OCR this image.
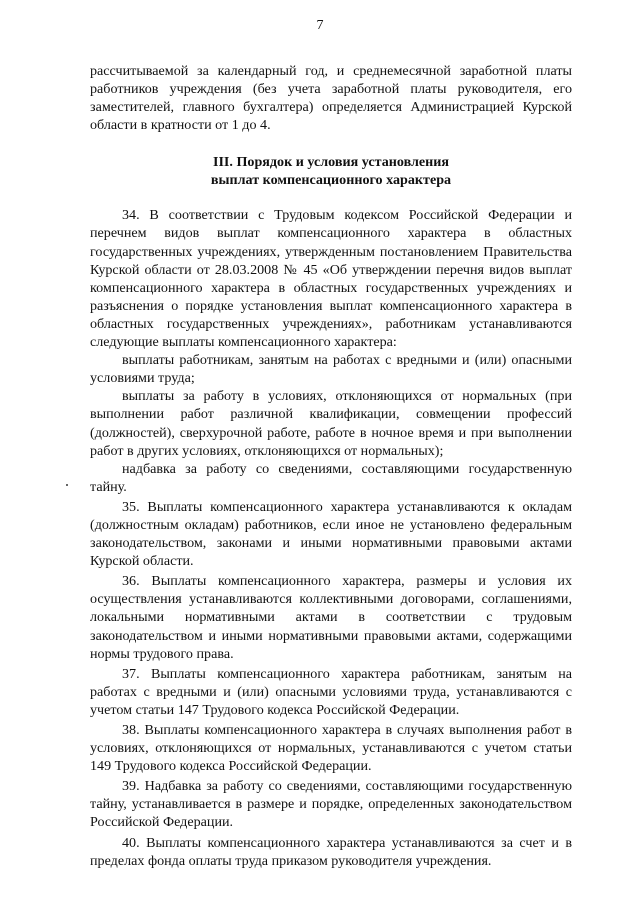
7

рассчитываемой за календарный год, и среднемесячной заработной платы работников учреждения (без учета заработной платы руководителя, его заместителей, главного бухгалтера) определяется Администрацией Курской области в кратности от 1 до 4.

III. Порядок и условия установления
выплат компенсационного характера

34. В соответствии с Трудовым кодексом Российской Федерации и перечнем видов выплат компенсационного характера в областных государственных учреждениях, утвержденным постановлением Правительства Курской области от 28.03.2008 № 45 «Об утверждении перечня видов выплат компенсационного характера в областных государственных учреждениях и разъяснения о порядке установления выплат компенсационного характера в областных государственных учреждениях», работникам устанавливаются следующие выплаты компенсационного характера:

выплаты работникам, занятым на работах с вредными и (или) опасными условиями труда;

выплаты за работу в условиях, отклоняющихся от нормальных (при выполнении работ различной квалификации, совмещении профессий (должностей), сверхурочной работе, работе в ночное время и при выполнении работ в других условиях, отклоняющихся от нормальных);

надбавка за работу со сведениями, составляющими государственную тайну.

35. Выплаты компенсационного характера устанавливаются к окладам (должностным окладам) работников, если иное не установлено федеральным законодательством, законами и иными нормативными правовыми актами Курской области.

36. Выплаты компенсационного характера, размеры и условия их осуществления устанавливаются коллективными договорами, соглашениями, локальными нормативными актами в соответствии с трудовым законодательством и иными нормативными правовыми актами, содержащими нормы трудового права.

37. Выплаты компенсационного характера работникам, занятым на работах с вредными и (или) опасными условиями труда, устанавливаются с учетом статьи 147 Трудового кодекса Российской Федерации.

38. Выплаты компенсационного характера в случаях выполнения работ в условиях, отклоняющихся от нормальных, устанавливаются с учетом статьи 149 Трудового кодекса Российской Федерации.

39. Надбавка за работу со сведениями, составляющими государственную тайну, устанавливается в размере и порядке, определенных законодательством Российской Федерации.

40. Выплаты компенсационного характера устанавливаются за счет и в пределах фонда оплаты труда приказом руководителя учреждения.
